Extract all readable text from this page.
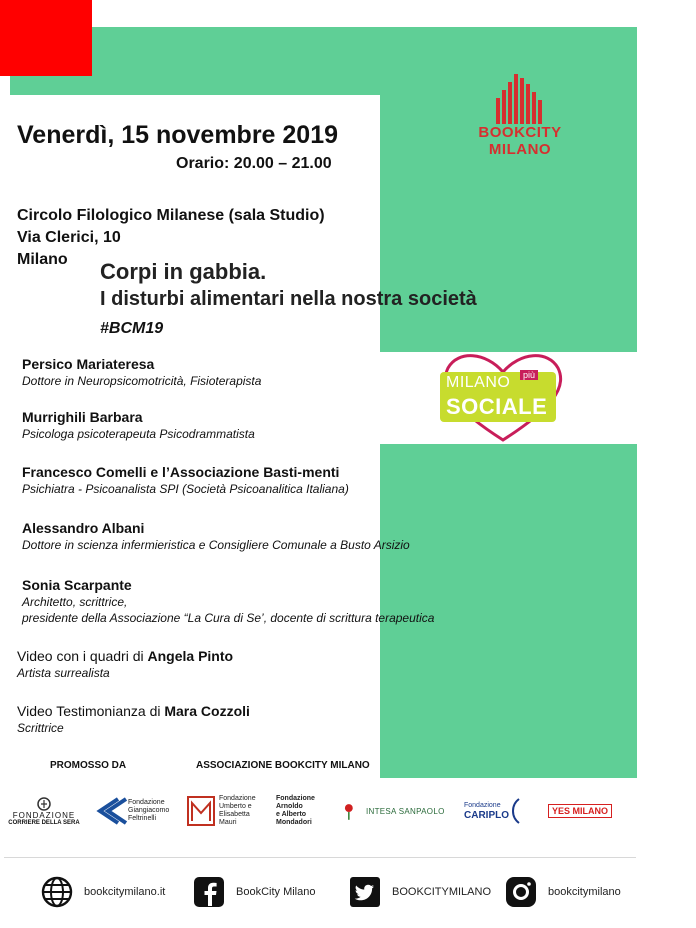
BOOKCITY
MILANO
Venerdì, 15 novembre 2019
Orario: 20.00 – 21.00
Circolo Filologico Milanese (sala Studio)
Via Clerici, 10
Milano	Corpi in gabbia.
I disturbi alimentari nella nostra società
#BCM19
MILANO	più
SOCIALE
Persico Mariateresa
Dottore in Neuropsicomotricità, Fisioterapista
Murrighili Barbara
Psicologa psicoterapeuta Psicodrammatista
Francesco Comelli e l’Associazione Basti-menti
Psichiatra - Psicoanalista SPI (Società Psicoanalitica Italiana)
Alessandro Albani
Dottore in scienza infermieristica e Consigliere Comunale a Busto Arsizio
Sonia Scarpante
Architetto, scrittrice,
presidente della Associazione “La Cura di Se’, docente di scrittura terapeutica
Video con i quadri di Angela Pinto
Artista surrealista
Video Testimonianza di Mara Cozzoli
Scrittrice
PROMOSSO DA	ASSOCIAZIONE BOOKCITY MILANO
FONDAZIONE
CORRIERE DELLA SERA
Fondazione Giangiacomo Feltrinelli
Fondazione
Umberto e
Elisabetta
Mauri
Fondazione Arnoldo
e Alberto Mondadori
INTESA SANPAOLO
Fondazione
CARIPLO	YES MILANO
bookcitymilano.it	BookCity Milano	BOOKCITYMILANO	bookcitymilano
